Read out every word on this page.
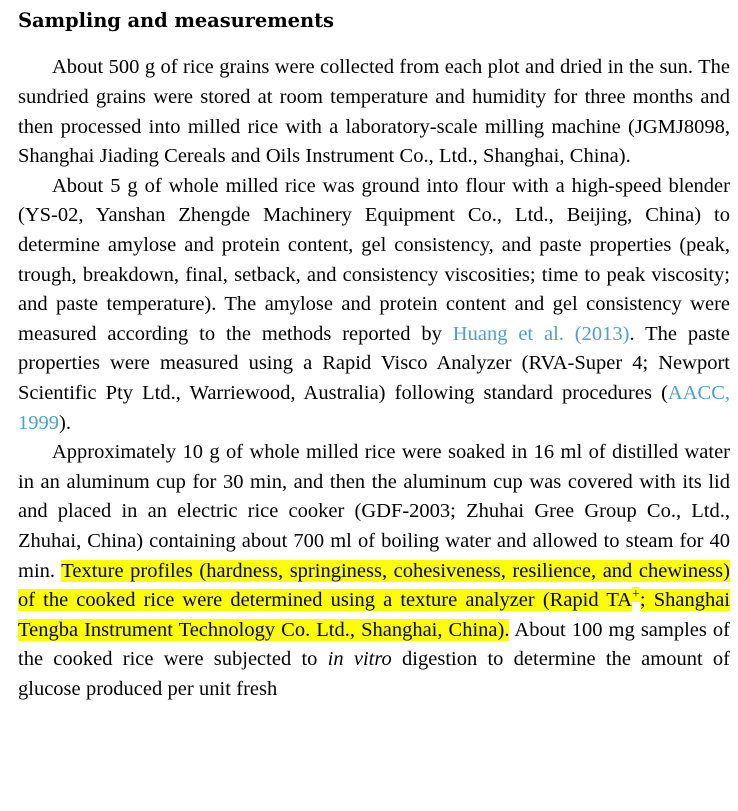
Sampling and measurements

About 500 g of rice grains were collected from each plot and dried in the sun. The sundried grains were stored at room temperature and humidity for three months and then processed into milled rice with a laboratory-scale milling machine (JGMJ8098, Shanghai Jiading Cereals and Oils Instrument Co., Ltd., Shanghai, China).

About 5 g of whole milled rice was ground into flour with a high-speed blender (YS-02, Yanshan Zhengde Machinery Equipment Co., Ltd., Beijing, China) to determine amylose and protein content, gel consistency, and paste properties (peak, trough, breakdown, final, setback, and consistency viscosities; time to peak viscosity; and paste temperature). The amylose and protein content and gel consistency were measured according to the methods reported by Huang et al. (2013). The paste properties were measured using a Rapid Visco Analyzer (RVA-Super 4; Newport Scientific Pty Ltd., Warriewood, Australia) following standard procedures (AACC, 1999).

Approximately 10 g of whole milled rice were soaked in 16 ml of distilled water in an aluminum cup for 30 min, and then the aluminum cup was covered with its lid and placed in an electric rice cooker (GDF-2003; Zhuhai Gree Group Co., Ltd., Zhuhai, China) containing about 700 ml of boiling water and allowed to steam for 40 min. Texture profiles (hardness, springiness, cohesiveness, resilience, and chewiness) of the cooked rice were determined using a texture analyzer (Rapid TA+; Shanghai Tengba Instrument Technology Co. Ltd., Shanghai, China). About 100 mg samples of the cooked rice were subjected to in vitro digestion to determine the amount of glucose produced per unit fresh
